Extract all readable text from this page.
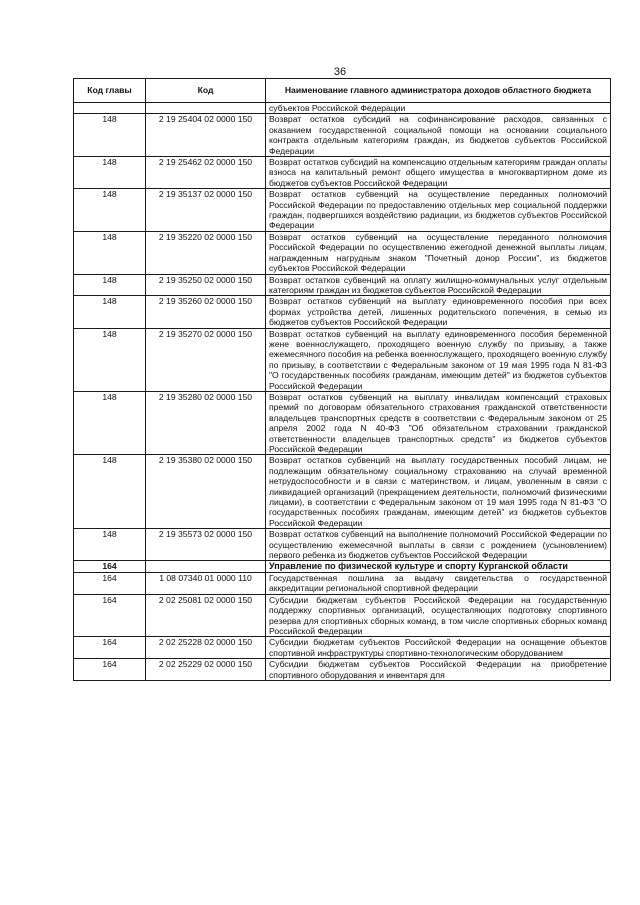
36
Код главы	Код	Наименование главного администратора доходов областного бюджета
		субъектов Российской Федерации
148	2 19 25404 02 0000 150	Возврат остатков субсидий на софинансирование расходов, связанных с оказанием государственной социальной помощи на основании социального контракта отдельным категориям граждан, из бюджетов субъектов Российской Федерации
148	2 19 25462 02 0000 150	Возврат остатков субсидий на компенсацию отдельным категориям граждан оплаты взноса на капитальный ремонт общего имущества в многоквартирном доме из бюджетов субъектов Российской Федерации
148	2 19 35137 02 0000 150	Возврат остатков субвенций на осуществление переданных полномочий Российской Федерации по предоставлению отдельных мер социальной поддержки граждан, подвергшихся воздействию радиации, из бюджетов субъектов Российской Федерации
148	2 19 35220 02 0000 150	Возврат остатков субвенций на осуществление переданного полномочия Российской Федерации по осуществлению ежегодной денежной выплаты лицам, награжденным нагрудным знаком "Почетный донор России", из бюджетов субъектов Российской Федерации
148	2 19 35250 02 0000 150	Возврат остатков субвенций на оплату жилищно-коммунальных услуг отдельным категориям граждан из бюджетов субъектов Российской Федерации
148	2 19 35260 02 0000 150	Возврат остатков субвенций на выплату единовременного пособия при всех формах устройства детей, лишенных родительского попечения, в семью из бюджетов субъектов Российской Федерации
148	2 19 35270 02 0000 150	Возврат остатков субвенций на выплату единовременного пособия беременной жене военнослужащего, проходящего военную службу по призыву, а также ежемесячного пособия на ребенка военнослужащего, проходящего военную службу по призыву, в соответствии с Федеральным законом от 19 мая 1995 года N 81-ФЗ "О государственных пособиях гражданам, имеющим детей" из бюджетов субъектов Российской Федерации
148	2 19 35280 02 0000 150	Возврат остатков субвенций на выплату инвалидам компенсаций страховых премий по договорам обязательного страхования гражданской ответственности владельцев транспортных средств в соответствии с Федеральным законом от 25 апреля 2002 года N 40-ФЗ "Об обязательном страховании гражданской ответственности владельцев транспортных средств" из бюджетов субъектов Российской Федерации
148	2 19 35380 02 0000 150	Возврат остатков субвенций на выплату государственных пособий лицам, не подлежащим обязательному социальному страхованию на случай временной нетрудоспособности и в связи с материнством, и лицам, уволенным в связи с ликвидацией организаций (прекращением деятельности, полномочий физическими лицами), в соответствии с Федеральным законом от 19 мая 1995 года N 81-ФЗ "О государственных пособиях гражданам, имеющим детей" из бюджетов субъектов Российской Федерации
148	2 19 35573 02 0000 150	Возврат остатков субвенций на выполнение полномочий Российской Федерации по осуществлению ежемесячной выплаты в связи с рождением (усыновлением) первого ребенка из бюджетов субъектов Российской Федерации
164		Управление по физической культуре и спорту Курганской области
164	1 08 07340 01 0000 110	Государственная пошлина за выдачу свидетельства о государственной аккредитации региональной спортивной федерации
164	2 02 25081 02 0000 150	Субсидии бюджетам субъектов Российской Федерации на государственную поддержку спортивных организаций, осуществляющих подготовку спортивного резерва для спортивных сборных команд, в том числе спортивных сборных команд Российской Федерации
164	2 02 25228 02 0000 150	Субсидии бюджетам субъектов Российской Федерации на оснащение объектов спортивной инфраструктуры спортивно-технологическим оборудованием
164	2 02 25229 02 0000 150	Субсидии бюджетам субъектов Российской Федерации на приобретение спортивного оборудования и инвентаря для
